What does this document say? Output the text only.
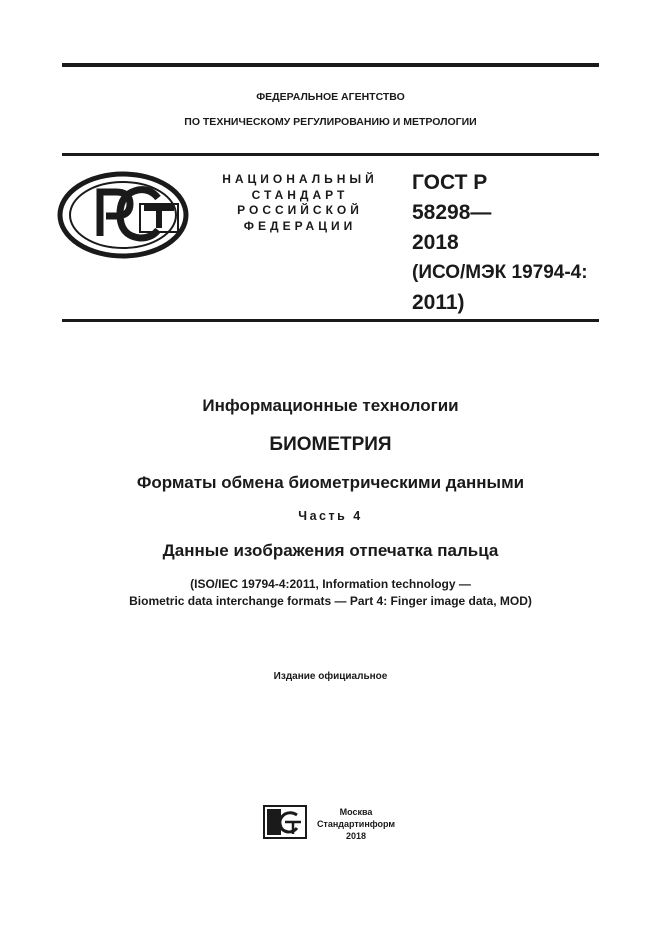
ФЕДЕРАЛЬНОЕ АГЕНТСТВО
ПО ТЕХНИЧЕСКОМУ РЕГУЛИРОВАНИЮ И МЕТРОЛОГИИ
НАЦИОНАЛЬНЫЙ
СТАНДАРТ
РОССИЙСКОЙ
ФЕДЕРАЦИИ
ГОСТ Р
58298—
2018
(ИСО/МЭК 19794-4:
2011)
Информационные технологии
БИОМЕТРИЯ
Форматы обмена биометрическими данными
Часть 4
Данные изображения отпечатка пальца
(ISO/IEC 19794-4:2011, Information technology —
Biometric data interchange formats — Part 4: Finger image data, MOD)
Издание официальное
Москва
Стандартинформ
2018
